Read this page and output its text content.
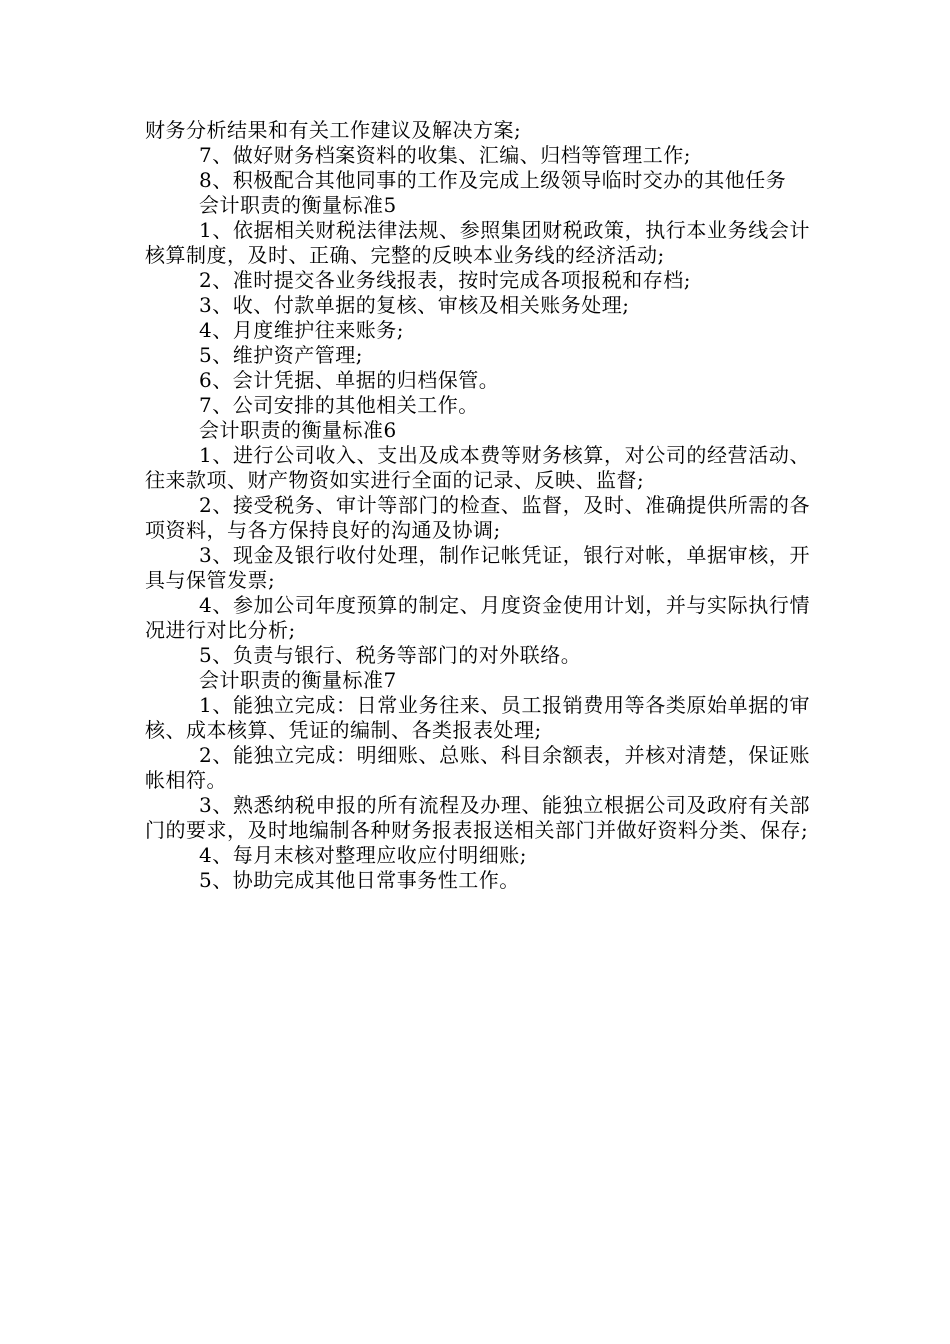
财务分析结果和有关工作建议及解决方案;

7、做好财务档案资料的收集、汇编、归档等管理工作;

8、积极配合其他同事的工作及完成上级领导临时交办的其他任务

会计职责的衡量标准5

1、依据相关财税法律法规、参照集团财税政策，执行本业务线会计核算制度，及时、正确、完整的反映本业务线的经济活动;

2、准时提交各业务线报表，按时完成各项报税和存档;

3、收、付款单据的复核、审核及相关账务处理;

4、月度维护往来账务;

5、维护资产管理;

6、会计凭据、单据的归档保管。

7、公司安排的其他相关工作。

会计职责的衡量标准6

1、进行公司收入、支出及成本费等财务核算，对公司的经营活动、往来款项、财产物资如实进行全面的记录、反映、监督;

2、接受税务、审计等部门的检查、监督，及时、准确提供所需的各项资料，与各方保持良好的沟通及协调;

3、现金及银行收付处理，制作记帐凭证，银行对帐，单据审核，开具与保管发票;

4、参加公司年度预算的制定、月度资金使用计划，并与实际执行情况进行对比分析;

5、负责与银行、税务等部门的对外联络。

会计职责的衡量标准7

1、能独立完成：日常业务往来、员工报销费用等各类原始单据的审核、成本核算、凭证的编制、各类报表处理;

2、能独立完成：明细账、总账、科目余额表，并核对清楚，保证账帐相符。

3、熟悉纳税申报的所有流程及办理、能独立根据公司及政府有关部门的要求，及时地编制各种财务报表报送相关部门并做好资料分类、保存;

4、每月末核对整理应收应付明细账;

5、协助完成其他日常事务性工作。
